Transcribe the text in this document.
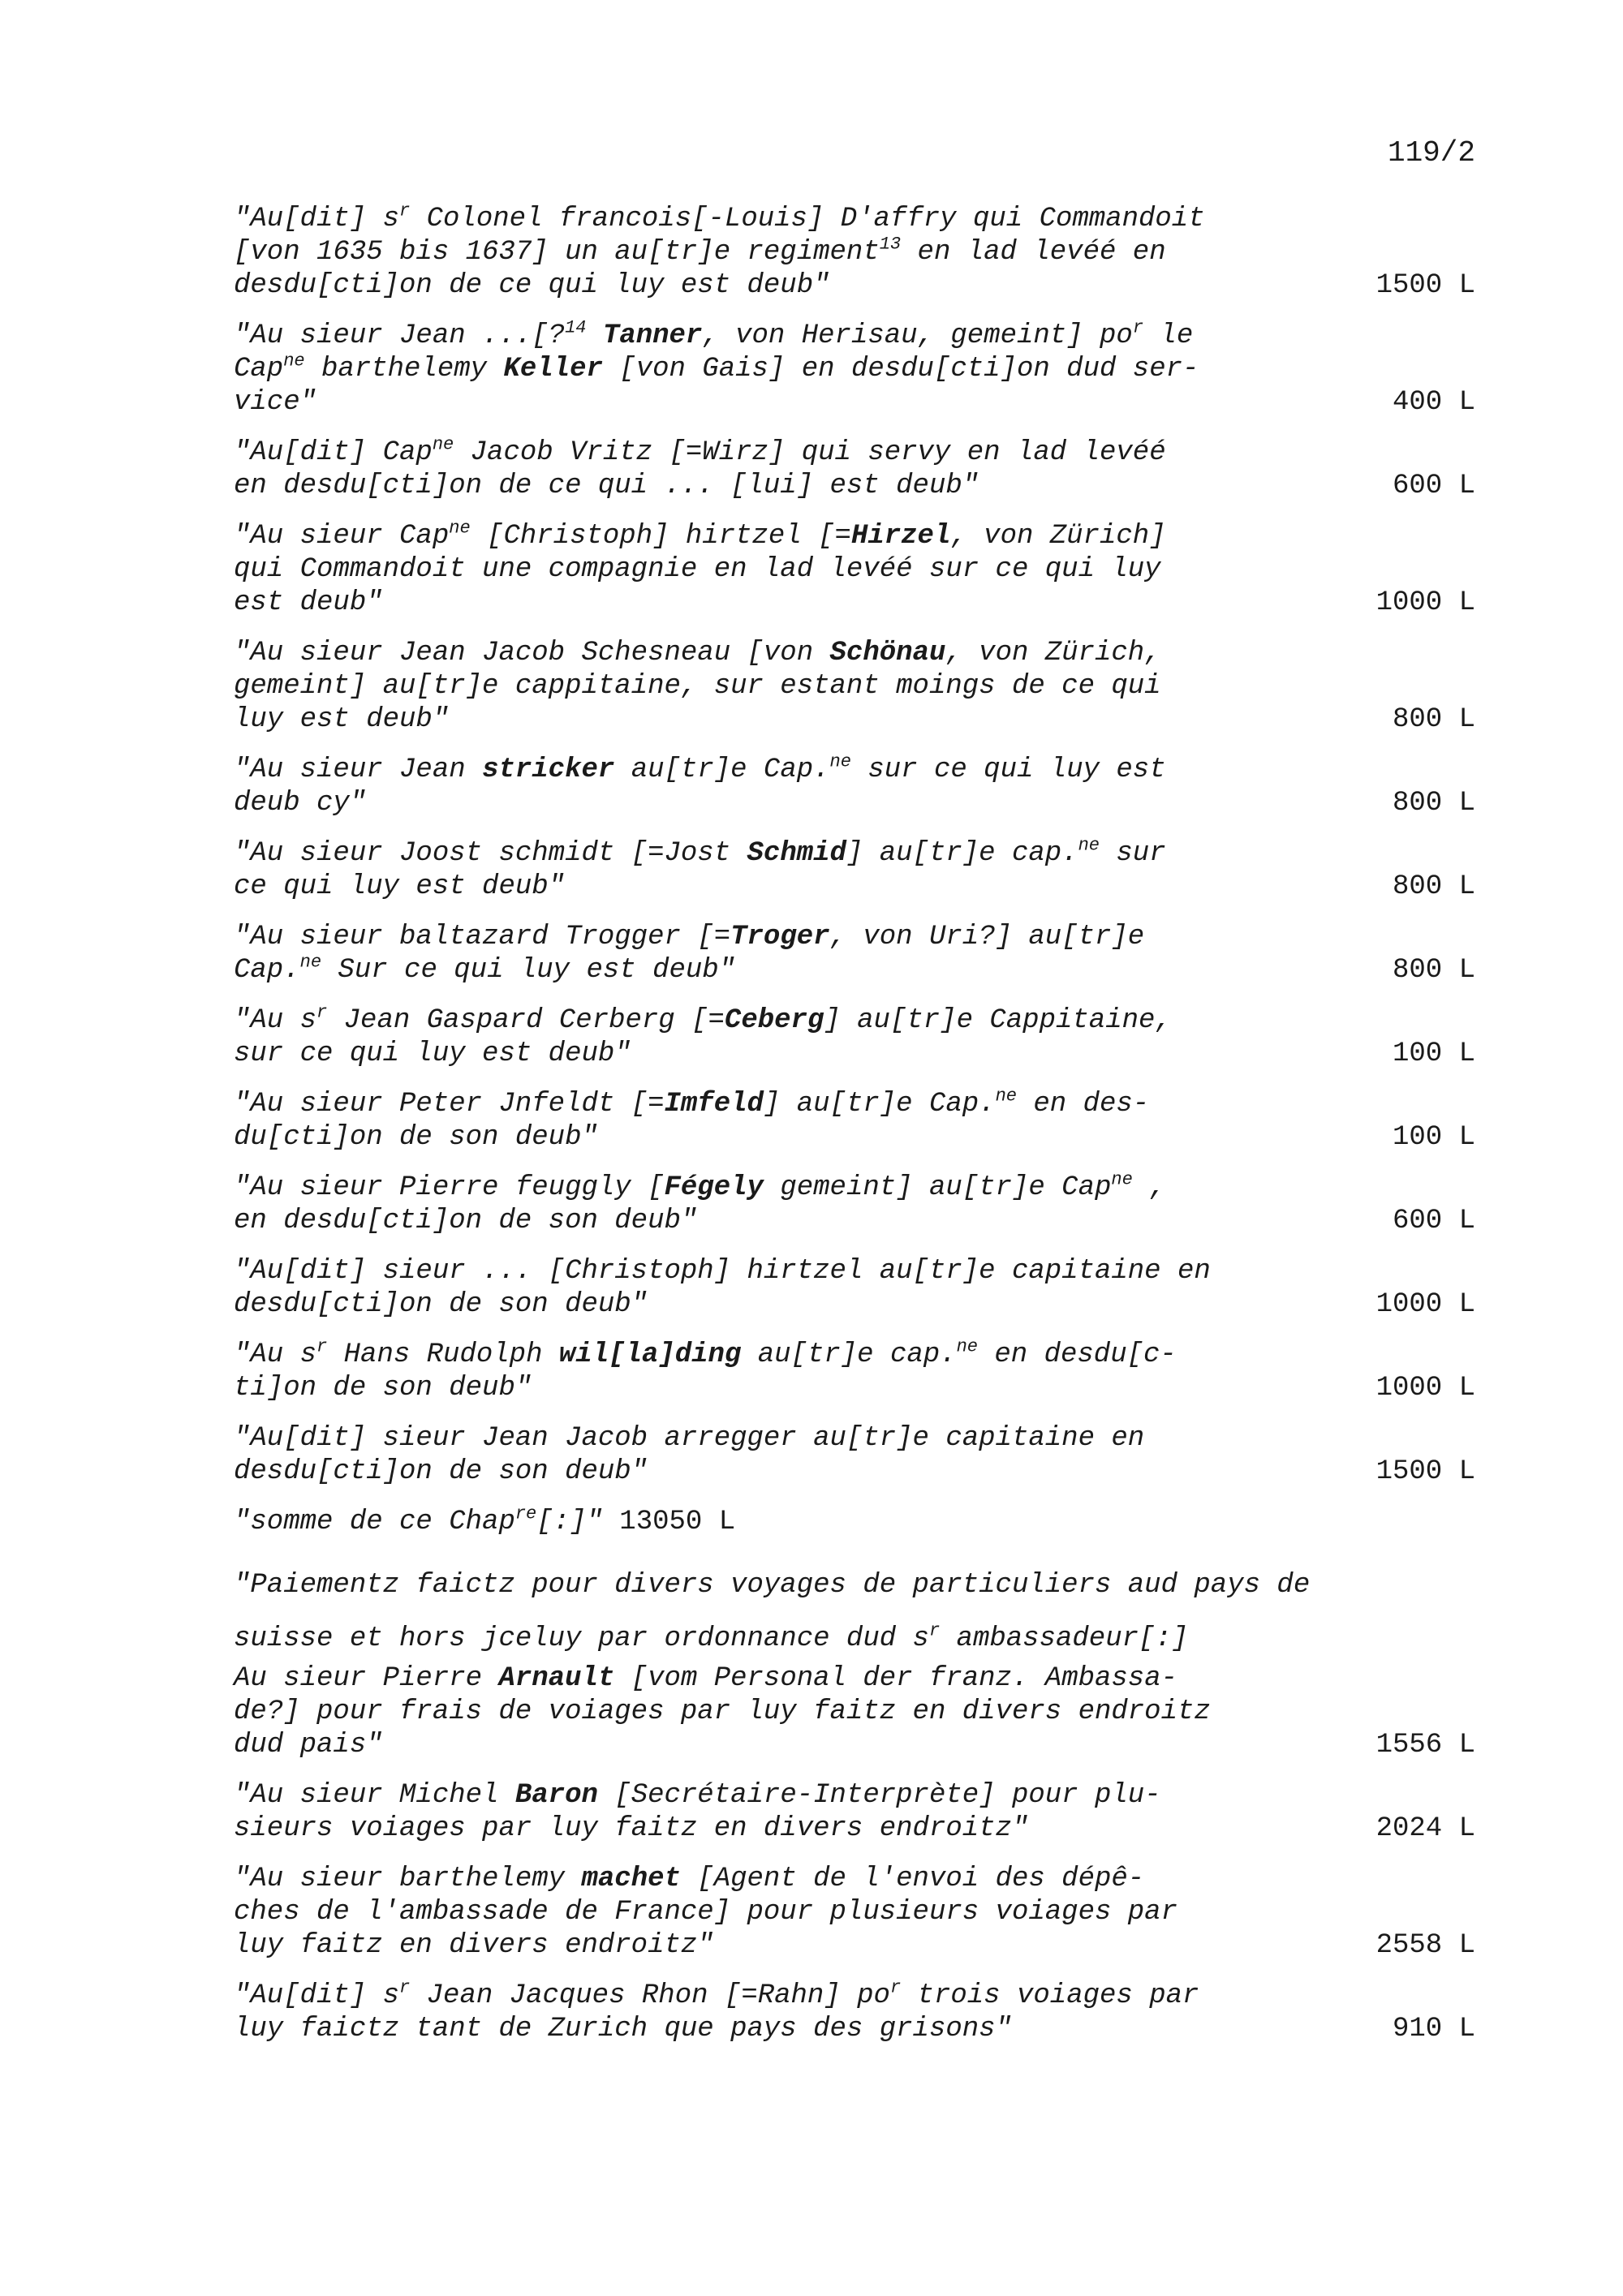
119/2
"Au[dit] $s^r$ Colonel francois[-Louis] D'affry qui Commandoit
[von 1635 bis 1637] un au[tr]e regiment$^{13}$ en lad levéé en
desdu[cti]on de ce qui luy est deub"	1500 L
"Au sieur Jean ...[?$^{14}$ Tanner, von Herisau, gemeint] $po^r$ le
Cap$^{ne}$ barthelemy Keller [von Gais] en desdu[cti]on dud ser-
vice"	400 L
"Au[dit] Cap$^{ne}$ Jacob Vritz [=Wirz] qui servy en lad levéé
en desdu[cti]on de ce qui ... [lui] est deub"	600 L
"Au sieur Cap$^{ne}$ [Christoph] hirtzel [=Hirzel, von Zürich]
qui Commandoit une compagnie en lad levéé sur ce qui luy
est deub"	1000 L
"Au sieur Jean Jacob Schesneau [von Schönau, von Zürich,
gemeint] au[tr]e cappitaine, sur estant moings de ce qui
luy est deub"	800 L
"Au sieur Jean stricker au[tr]e Cap.$^{ne}$ sur ce qui luy est
deub cy"	800 L
"Au sieur Joost schmidt [=Jost Schmid] au[tr]e cap.$^{ne}$ sur
ce qui luy est deub"	800 L
"Au sieur baltazard Trogger [=Troger, von Uri?] au[tr]e
Cap.$^{ne}$ Sur ce qui luy est deub"	800 L
"Au $s^r$ Jean Gaspard Cerberg [=Ceberg] au[tr]e Cappitaine,
sur ce qui luy est deub"	100 L
"Au sieur Peter Jnfeldt [=Imfeld] au[tr]e Cap.$^{ne}$ en des-
du[cti]on de son deub"	100 L
"Au sieur Pierre feuggly [Fégely gemeint] au[tr]e Cap$^{ne}$ ,
en desdu[cti]on de son deub"	600 L
"Au[dit] sieur ... [Christoph] hirtzel au[tr]e capitaine en
desdu[cti]on de son deub"	1000 L
"Au $s^r$ Hans Rudolph wil[la]ding au[tr]e cap.$^{ne}$ en desdu[c-
ti]on de son deub"	1000 L
"Au[dit] sieur Jean Jacob arregger au[tr]e capitaine en
desdu[cti]on de son deub"	1500 L
"somme de ce Chap$^{re}$[:]" 13050 L
"Paiementz faictz pour divers voyages de particuliers aud pays de
suisse et hors jceluy par ordonnance dud $s^r$ ambassadeur[:]
Au sieur Pierre Arnault [vom Personal der franz. Ambassa-
de?] pour frais de voiages par luy faitz en divers endroitz
dud pais"	1556 L
"Au sieur Michel Baron [Secrétaire-Interprète] pour plu-
sieurs voiages par luy faitz en divers endroitz"	2024 L
"Au sieur barthelemy machet [Agent de l'envoi des dépê-
ches de l'ambassade de France] pour plusieurs voiages par
luy faitz en divers endroitz"	2558 L
"Au[dit] $s^r$ Jean Jacques Rhon [=Rahn] $po^r$ trois voiages par
luy faictz tant de Zurich que pays des grisons"	910 L
